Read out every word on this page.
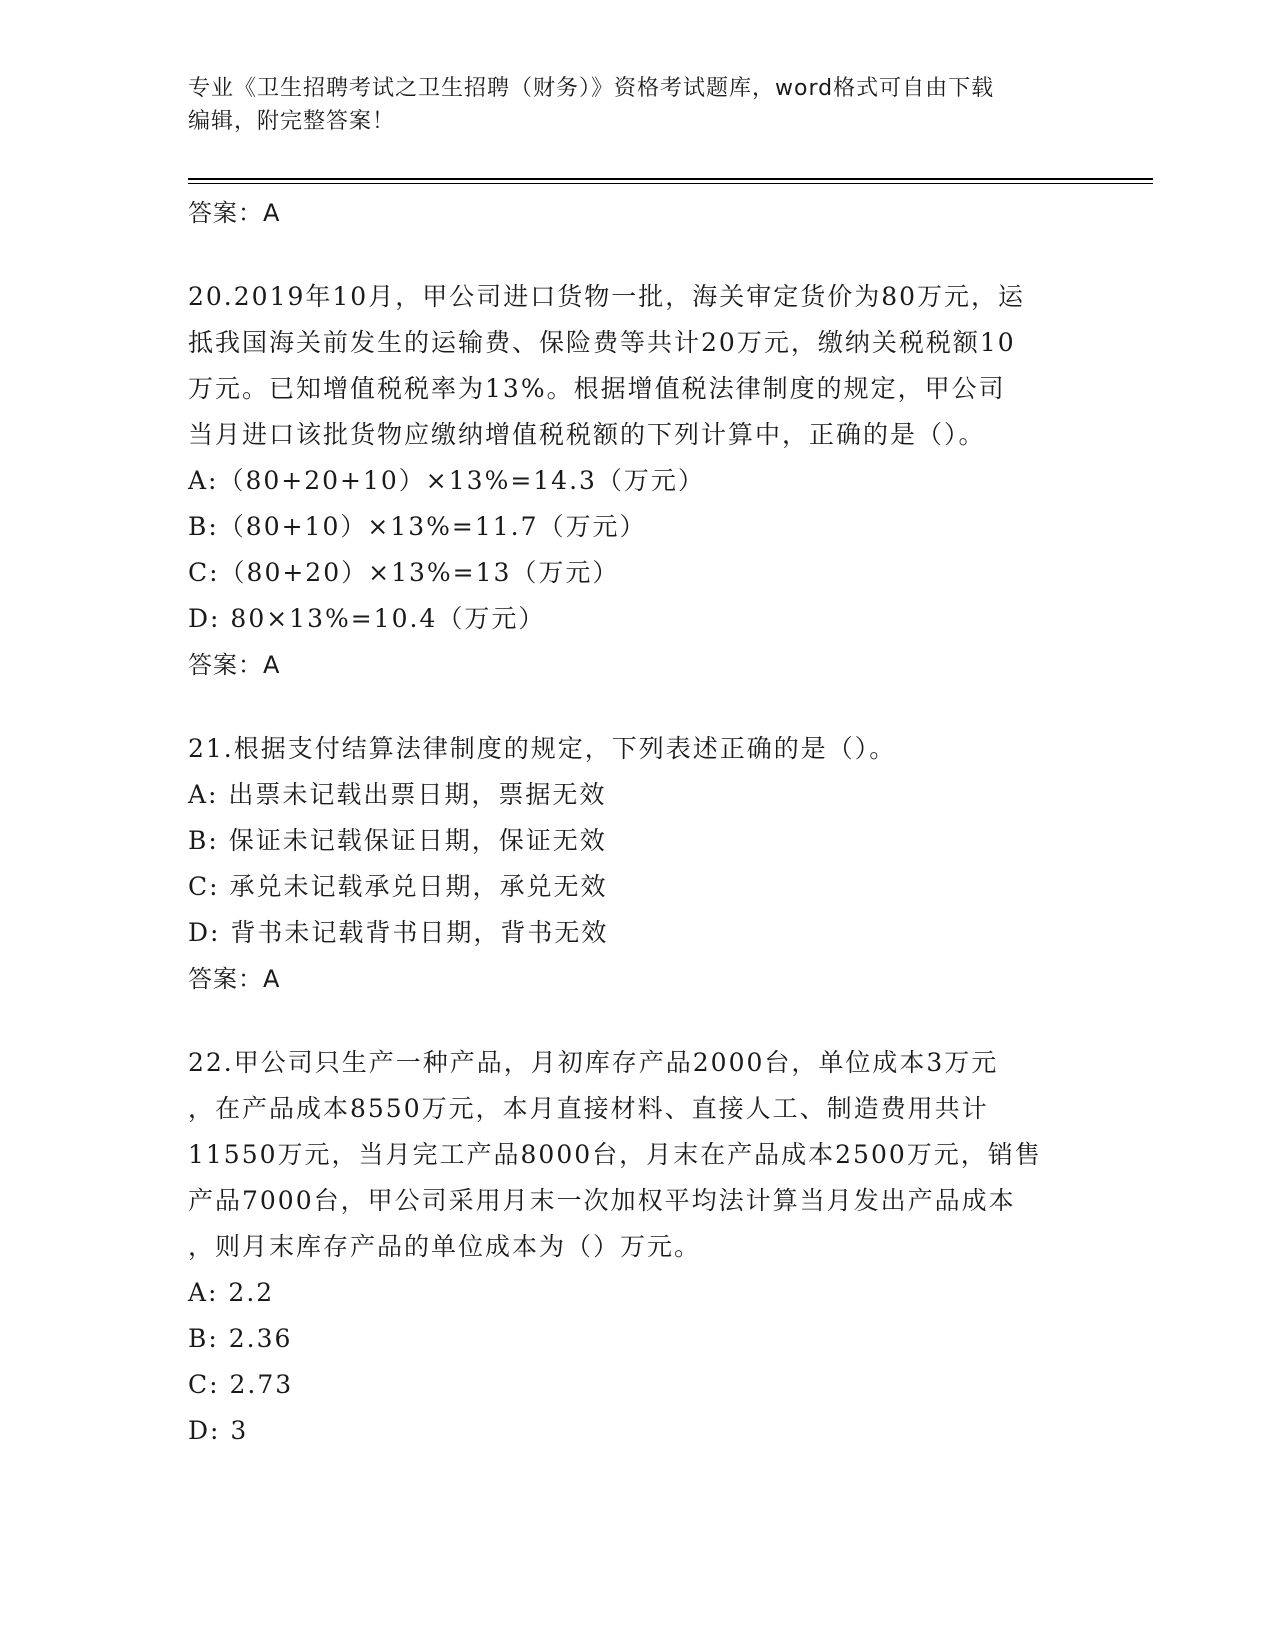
专业《卫生招聘考试之卫生招聘（财务）》资格考试题库，word格式可自由下载
编辑，附完整答案！
答案：A
20.2019年10月，甲公司进口货物一批，海关审定货价为80万元，运
抵我国海关前发生的运输费、保险费等共计20万元，缴纳关税税额10
万元。已知增值税税率为13%。根据增值税法律制度的规定，甲公司
当月进口该批货物应缴纳增值税税额的下列计算中，正确的是（）。
A:（80+20+10）×13%=14.3（万元）
B:（80+10）×13%=11.7（万元）
C:（80+20）×13%=13（万元）
D: 80×13%=10.4（万元）
答案：A
21.根据支付结算法律制度的规定，下列表述正确的是（）。
A: 出票未记载出票日期，票据无效
B: 保证未记载保证日期，保证无效
C: 承兑未记载承兑日期，承兑无效
D: 背书未记载背书日期，背书无效
答案：A
22.甲公司只生产一种产品，月初库存产品2000台，单位成本3万元
，在产品成本8550万元，本月直接材料、直接人工、制造费用共计
11550万元，当月完工产品8000台，月末在产品成本2500万元，销售
产品7000台，甲公司采用月末一次加权平均法计算当月发出产品成本
，则月末库存产品的单位成本为（）万元。
A: 2.2
B: 2.36
C: 2.73
D: 3
